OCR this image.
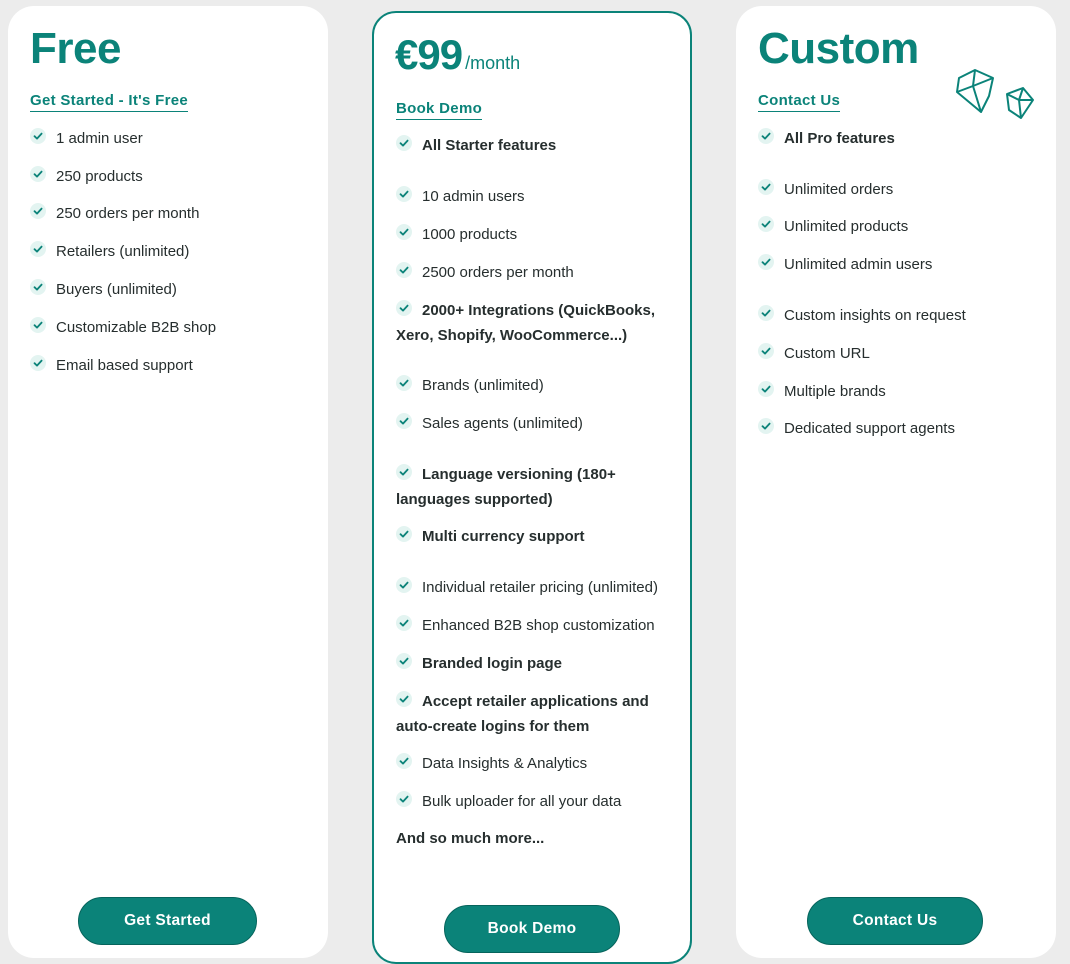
Free
Get Started - It's Free
1 admin user
250 products
250 orders per month
Retailers (unlimited)
Buyers (unlimited)
Customizable B2B shop
Email based support
Get Started
€99 /month
Book Demo
All Starter features
10 admin users
1000 products
2500 orders per month
2000+ Integrations (QuickBooks, Xero, Shopify, WooCommerce...)
Brands (unlimited)
Sales agents (unlimited)
Language versioning (180+ languages supported)
Multi currency support
Individual retailer pricing (unlimited)
Enhanced B2B shop customization
Branded login page
Accept retailer applications and auto-create logins for them
Data Insights & Analytics
Bulk uploader for all your data
And so much more...
Book Demo
Custom
Contact Us
All Pro features
Unlimited orders
Unlimited products
Unlimited admin users
Custom insights on request
Custom URL
Multiple brands
Dedicated support agents
Contact Us
